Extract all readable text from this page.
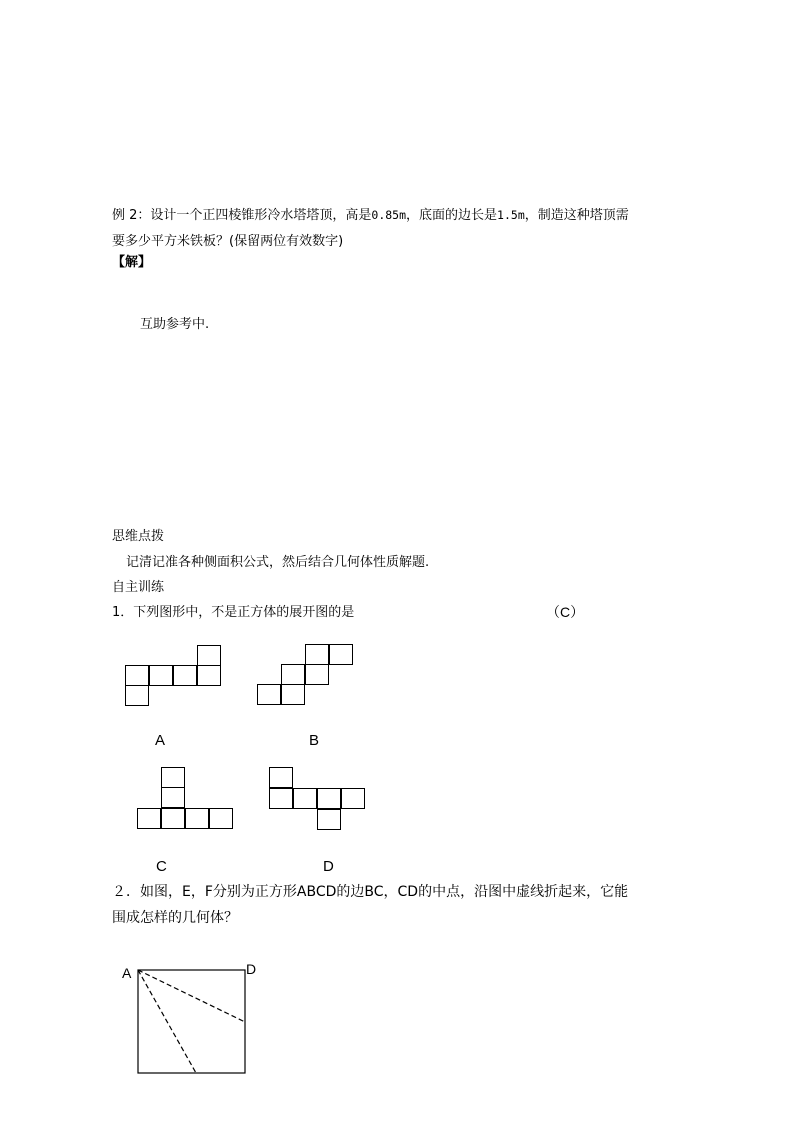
例 2：设计一个正四棱锥形冷水塔塔顶，高是0.85m，底面的边长是1.5m，制造这种塔顶需
要多少平方米铁板？(保留两位有效数字)
【解】
互助参考中.
思维点拨
记清记准各种侧面积公式，然后结合几何体性质解题.
自主训练
1．下列图形中，不是正方体的展开图的是	（C）
A	B
C	D
２．如图，E，F分别为正方形ABCD的边BC，CD的中点，沿图中虚线折起来，它能
围成怎样的几何体？
A	D
